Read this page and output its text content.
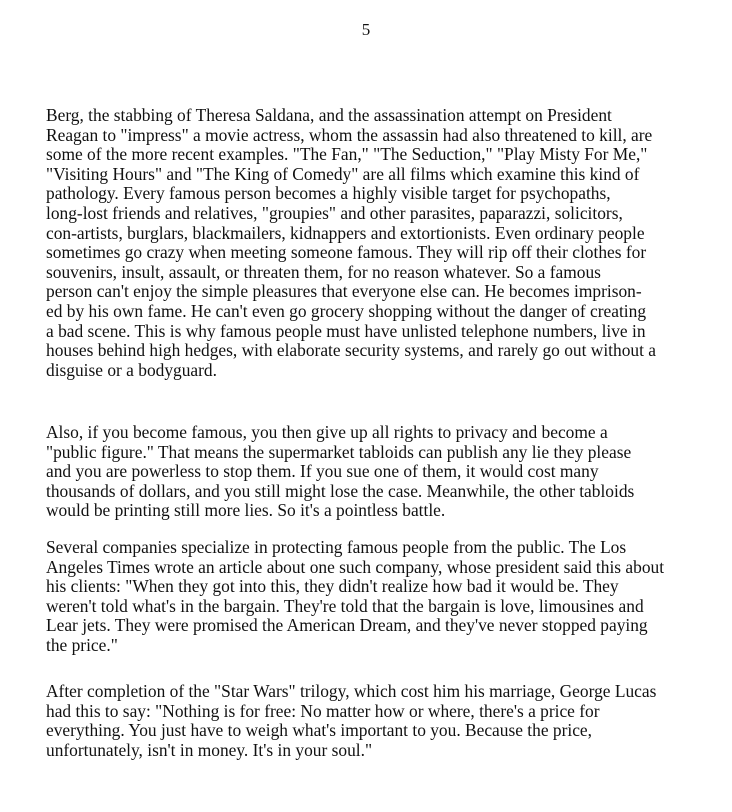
5
Berg, the stabbing of Theresa Saldana, and the assassination attempt on President
Reagan to "impress" a movie actress, whom the assassin had also threatened to kill, are
some of the more recent examples. "The Fan," "The Seduction," "Play Misty For Me,"
"Visiting Hours" and "The King of Comedy" are all films which examine this kind of
pathology. Every famous person becomes a highly visible target for psychopaths,
long-lost friends and relatives, "groupies" and other parasites, paparazzi, solicitors,
con-artists, burglars, blackmailers, kidnappers and extortionists. Even ordinary people
sometimes go crazy when meeting someone famous. They will rip off their clothes for
souvenirs, insult, assault, or threaten them, for no reason whatever. So a famous
person can't enjoy the simple pleasures that everyone else can. He becomes imprison-
ed by his own fame. He can't even go grocery shopping without the danger of creating
a bad scene. This is why famous people must have unlisted telephone numbers, live in
houses behind high hedges, with elaborate security systems, and rarely go out without a
disguise or a bodyguard.
Also, if you become famous, you then give up all rights to privacy and become a
"public figure." That means the supermarket tabloids can publish any lie they please
and you are powerless to stop them. If you sue one of them, it would cost many
thousands of dollars, and you still might lose the case. Meanwhile, the other tabloids
would be printing still more lies. So it's a pointless battle.
Several companies specialize in protecting famous people from the public. The Los
Angeles Times wrote an article about one such company, whose president said this about
his clients: "When they got into this, they didn't realize how bad it would be. They
weren't told what's in the bargain. They're told that the bargain is love, limousines and
Lear jets. They were promised the American Dream, and they've never stopped paying
the price."
After completion of the "Star Wars" trilogy, which cost him his marriage, George Lucas
had this to say: "Nothing is for free: No matter how or where, there's a price for
everything. You just have to weigh what's important to you. Because the price,
unfortunately, isn't in money. It's in your soul."
